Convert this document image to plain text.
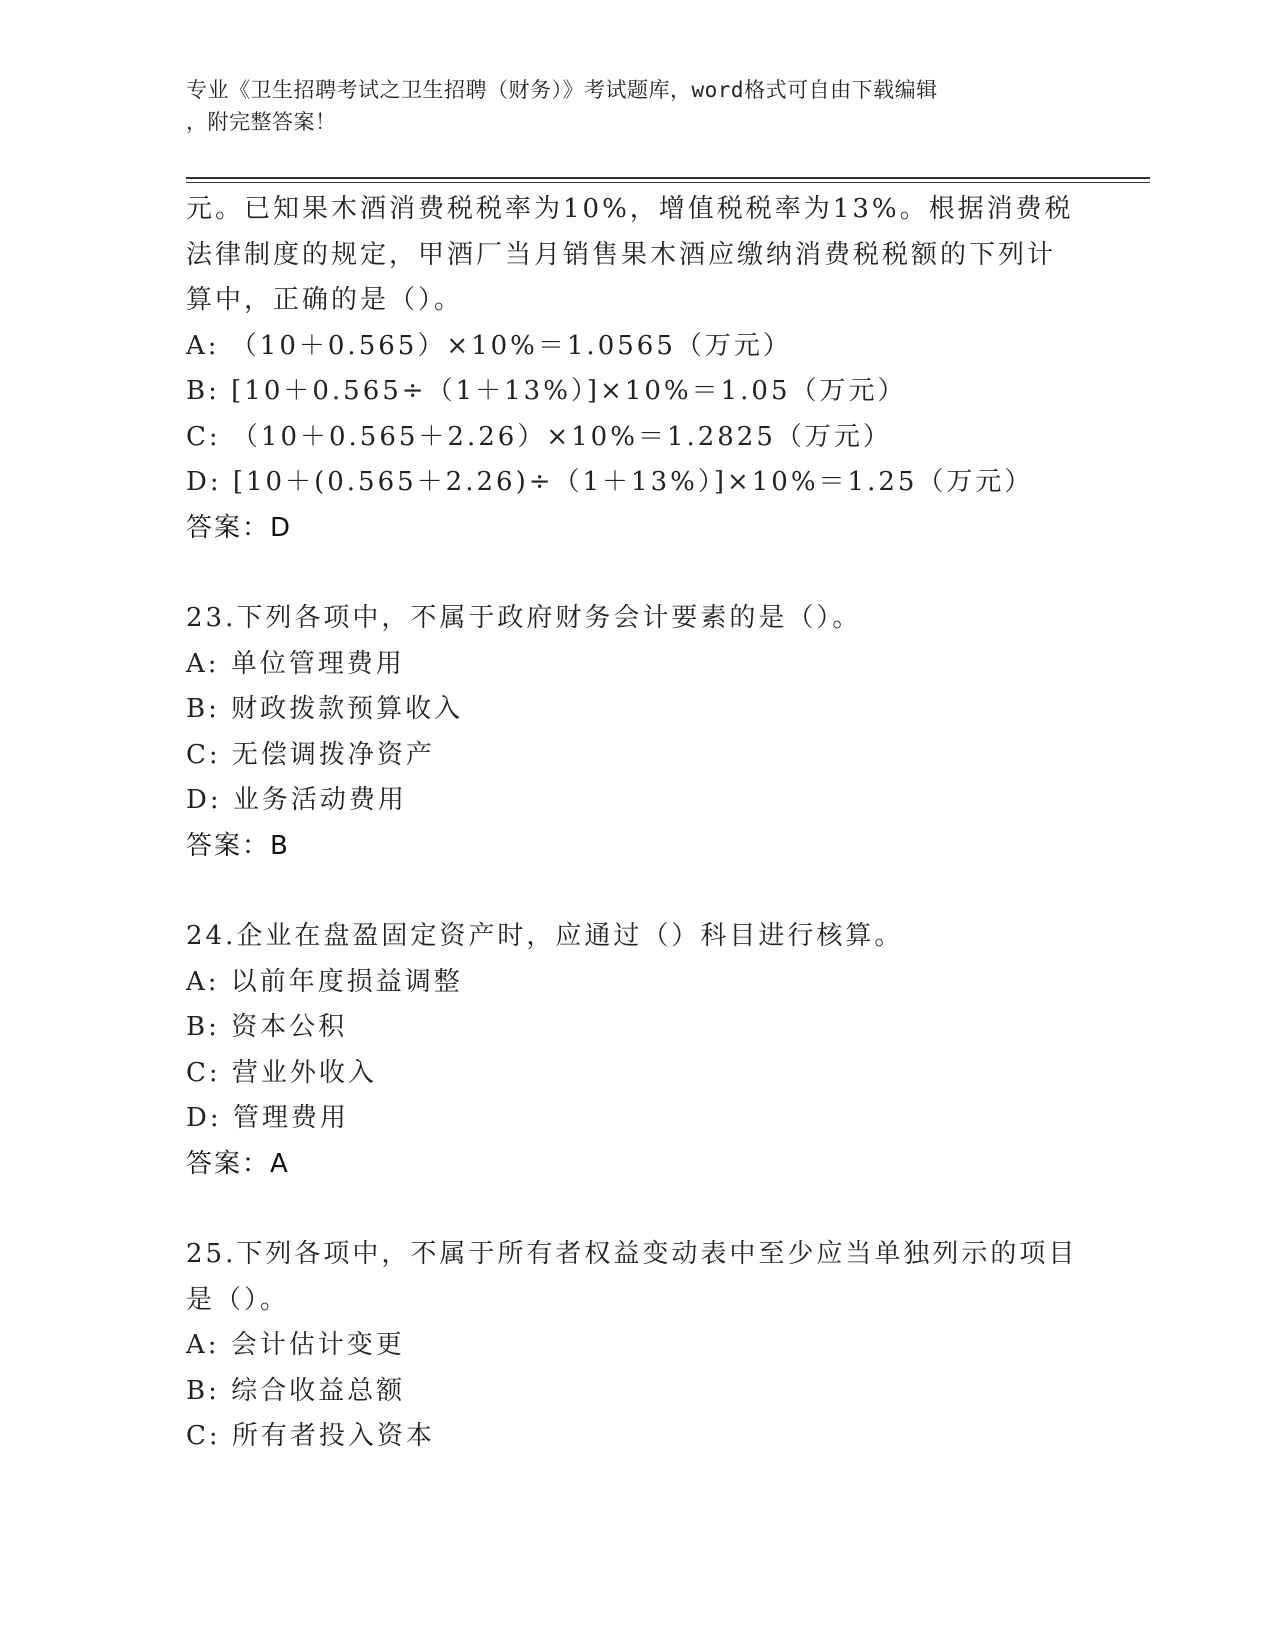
专业《卫生招聘考试之卫生招聘（财务）》考试题库，word格式可自由下载编辑
，附完整答案！
元。已知果木酒消费税税率为10%，增值税税率为13%。根据消费税
法律制度的规定，甲酒厂当月销售果木酒应缴纳消费税税额的下列计
算中，正确的是（）。
A: （10＋0.565）×10%＝1.0565（万元）
B: [10＋0.565÷（1＋13%）]×10%＝1.05（万元）
C: （10＋0.565＋2.26）×10%＝1.2825（万元）
D: [10＋(0.565＋2.26)÷（1＋13%）]×10%＝1.25（万元）
答案：D
23.下列各项中，不属于政府财务会计要素的是（）。
A: 单位管理费用
B: 财政拨款预算收入
C: 无偿调拨净资产
D: 业务活动费用
答案：B
24.企业在盘盈固定资产时，应通过（）科目进行核算。
A: 以前年度损益调整
B: 资本公积
C: 营业外收入
D: 管理费用
答案：A
25.下列各项中，不属于所有者权益变动表中至少应当单独列示的项目
是（）。
A: 会计估计变更
B: 综合收益总额
C: 所有者投入资本
